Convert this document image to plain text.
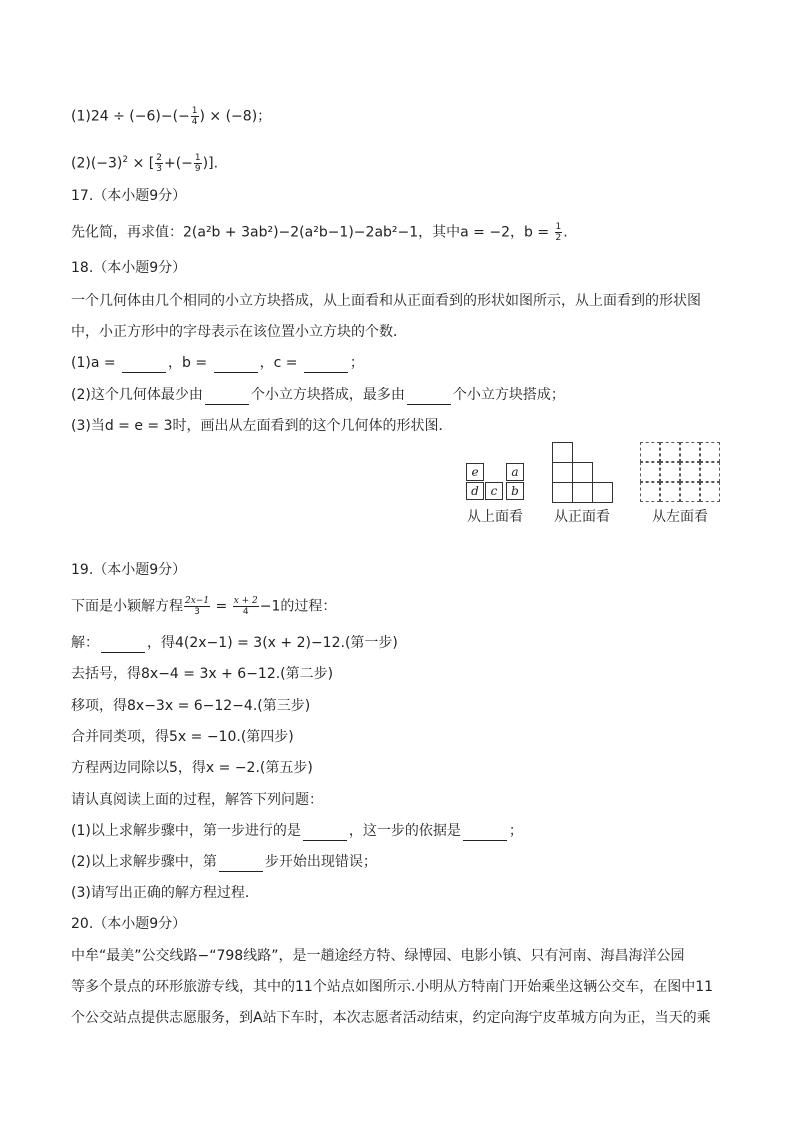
$(1)24 \div (-6)-(- \frac{1}{4}$ ) × (−8)；
$(2)(-3)^2$ × [ $\frac{2}{3}$ +(− $\frac{1}{9}$ )].
17.（本小题9分）
先化简，再求值：2(a²b + 3ab²)−2(a²b−1)−2ab²−1，其中a = −2，$b = \frac{1}{2}$ .
18.（本小题9分）
一个几何体由几个相同的小立方块搭成，从上面看和从正面看到的形状如图所示，从上面看到的形状图
中，小正方形中的字母表示在该位置小立方块的个数．
(1)a =	，b =	，c =	；
(2)这个几何体最少由	个小立方块搭成，最多由	个小立方块搭成；
(3)当d = e = 3时，画出从左面看到的这个几何体的形状图．
e	a
d c	b
从上面看 从正面看	从左面看
19.（本小题9分）
下面是小颖解方程 $\frac{2x-1}{3} = \frac{x + 2}{4} -1$的过程：
解：	，得4(2x−1) = 3(x + 2)−12.(第一步)
去括号，得8x−4 = 3x + 6−12.(第二步)
移项，得8x−3x = 6−12−4.(第三步)
合并同类项，得5x = −10.(第四步)
方程两边同除以5，得x = −2.(第五步)
请认真阅读上面的过程，解答下列问题：
(1)以上求解步骤中，第一步进行的是	，这一步的依据是	；
(2)以上求解步骤中，第	步开始出现错误；
(3)请写出正确的解方程过程．
20.（本小题9分）
中牟“最美”公交线路−“798线路”，是一趟途经方特、绿博园、电影小镇、只有河南、海昌海洋公园
等多个景点的环形旅游专线，其中的11个站点如图所示.小明从方特南门开始乘坐这辆公交车，在图中11
个公交站点提供志愿服务，到A站下车时，本次志愿者活动结束，约定向海宁皮革城方向为正，当天的乘
